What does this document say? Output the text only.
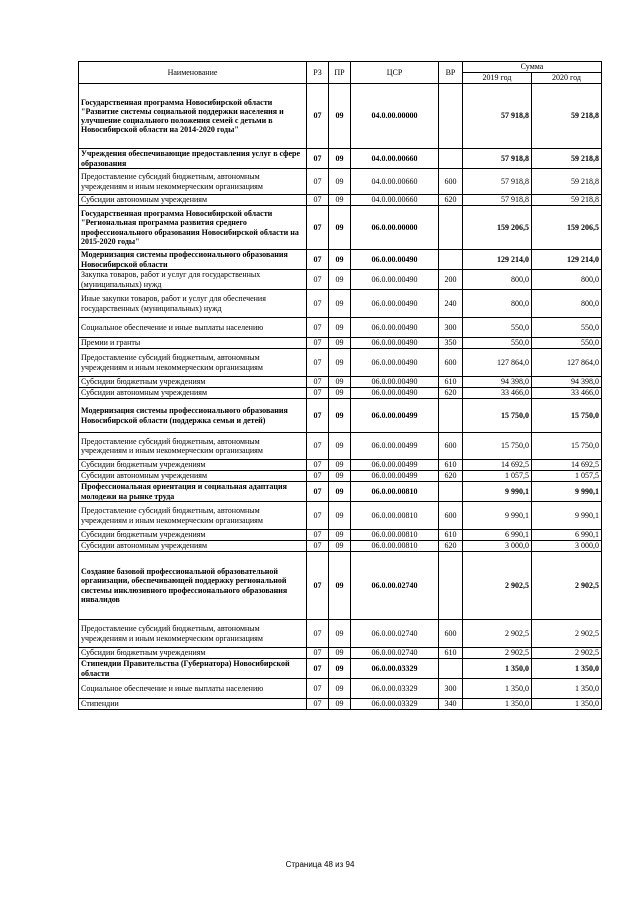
Наименование	РЗ	ПР	ЦСР	ВР	Сумма	
					2019 год	2020 год
Государственная программа Новосибирской области "Развитие системы социальной поддержки населения и улучшение социального положения семей с детьми в Новосибирской области на 2014-2020 годы"	07	09	04.0.00.00000		57 918,8	59 218,8
Учреждения обеспечивающие предоставления услуг в сфере образования	07	09	04.0.00.00660		57 918,8	59 218,8
Предоставление субсидий бюджетным, автономным учреждениям и иным некоммерческим организациям	07	09	04.0.00.00660	600	57 918,8	59 218,8
Субсидии автономным учреждениям	07	09	04.0.00.00660	620	57 918,8	59 218,8
Государственная программа Новосибирской области "Региональная программа развития среднего профессионального образования Новосибирской области на 2015-2020 годы"	07	09	06.0.00.00000		159 206,5	159 206,5
Модернизация системы профессионального образования Новосибирской области	07	09	06.0.00.00490		129 214,0	129 214,0
Закупка товаров, работ и услуг для государственных (муниципальных) нужд	07	09	06.0.00.00490	200	800,0	800,0
Иные закупки товаров, работ и услуг для обеспечения государственных (муниципальных) нужд	07	09	06.0.00.00490	240	800,0	800,0
Социальное обеспечение и иные выплаты населению	07	09	06.0.00.00490	300	550,0	550,0
Премии и гранты	07	09	06.0.00.00490	350	550,0	550,0
Предоставление субсидий бюджетным, автономным учреждениям и иным некоммерческим организациям	07	09	06.0.00.00490	600	127 864,0	127 864,0
Субсидии бюджетным учреждениям	07	09	06.0.00.00490	610	94 398,0	94 398,0
Субсидии автономным учреждениям	07	09	06.0.00.00490	620	33 466,0	33 466,0
Модернизация системы профессионального образования Новосибирской области (поддержка семьи и детей)	07	09	06.0.00.00499		15 750,0	15 750,0
Предоставление субсидий бюджетным, автономным учреждениям и иным некоммерческим организациям	07	09	06.0.00.00499	600	15 750,0	15 750,0
Субсидии бюджетным учреждениям	07	09	06.0.00.00499	610	14 692,5	14 692,5
Субсидии автономным учреждениям	07	09	06.0.00.00499	620	1 057,5	1 057,5
Профессиональная ориентация и социальная адаптация молодежи на рынке труда	07	09	06.0.00.00810		9 990,1	9 990,1
Предоставление субсидий бюджетным, автономным учреждениям и иным некоммерческим организациям	07	09	06.0.00.00810	600	9 990,1	9 990,1
Субсидии бюджетным учреждениям	07	09	06.0.00.00810	610	6 990,1	6 990,1
Субсидии автономным учреждениям	07	09	06.0.00.00810	620	3 000,0	3 000,0
Создание базовой профессиональной образовательной организации, обеспечивающей поддержку региональной системы инклюзивного профессионального образования инвалидов	07	09	06.0.00.02740		2 902,5	2 902,5
Предоставление субсидий бюджетным, автономным учреждениям и иным некоммерческим организациям	07	09	06.0.00.02740	600	2 902,5	2 902,5
Субсидии бюджетным учреждениям	07	09	06.0.00.02740	610	2 902,5	2 902,5
Стипендии Правительства (Губернатора) Новосибирской области	07	09	06.0.00.03329		1 350,0	1 350,0
Социальное обеспечение и иные выплаты населению	07	09	06.0.00.03329	300	1 350,0	1 350,0
Стипендии	07	09	06.0.00.03329	340	1 350,0	1 350,0
Страница 48 из 94
